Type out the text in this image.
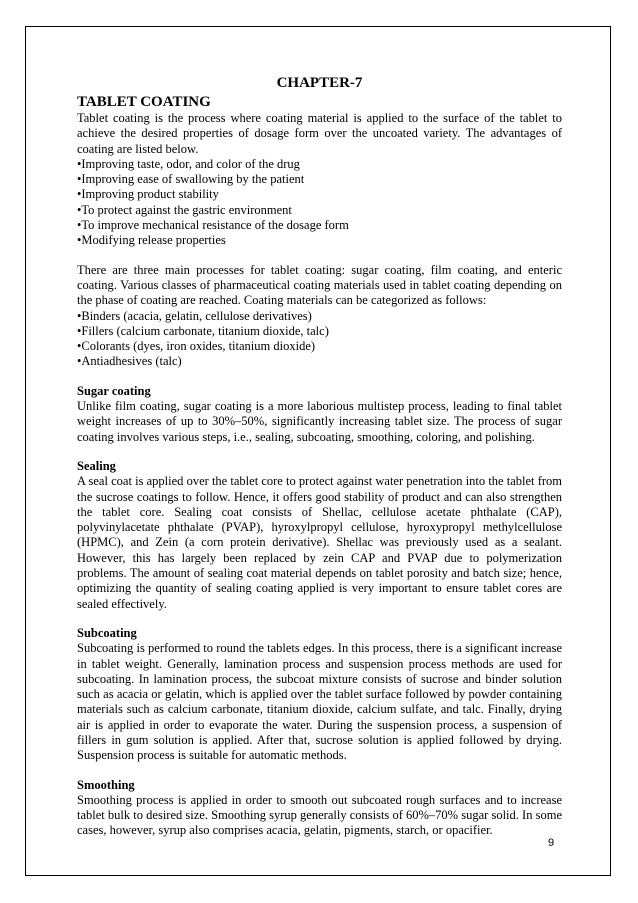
CHAPTER-7
TABLET COATING

Tablet coating is the process where coating material is applied to the surface of the tablet to achieve the desired properties of dosage form over the uncoated variety. The advantages of coating are listed below.

•Improving taste, odor, and color of the drug
•Improving ease of swallowing by the patient
•Improving product stability
•To protect against the gastric environment
•To improve mechanical resistance of the dosage form
•Modifying release properties

There are three main processes for tablet coating: sugar coating, film coating, and enteric coating. Various classes of pharmaceutical coating materials used in tablet coating depending on the phase of coating are reached. Coating materials can be categorized as follows:

•Binders (acacia, gelatin, cellulose derivatives)
•Fillers (calcium carbonate, titanium dioxide, talc)
•Colorants (dyes, iron oxides, titanium dioxide)
•Antiadhesives (talc)
Sugar coating

Unlike film coating, sugar coating is a more laborious multistep process, leading to final tablet weight increases of up to 30%–50%, significantly increasing tablet size. The process of sugar coating involves various steps, i.e., sealing, subcoating, smoothing, coloring, and polishing.

Sealing

A seal coat is applied over the tablet core to protect against water penetration into the tablet from the sucrose coatings to follow. Hence, it offers good stability of product and can also strengthen the tablet core. Sealing coat consists of Shellac, cellulose acetate phthalate (CAP), polyvinylacetate phthalate (PVAP), hyroxylpropyl cellulose, hyroxypropyl methylcellulose (HPMC), and Zein (a corn protein derivative). Shellac was previously used as a sealant. However, this has largely been replaced by zein CAP and PVAP due to polymerization problems. The amount of sealing coat material depends on tablet porosity and batch size; hence, optimizing the quantity of sealing coating applied is very important to ensure tablet cores are sealed effectively.

Subcoating

Subcoating is performed to round the tablets edges. In this process, there is a significant increase in tablet weight. Generally, lamination process and suspension process methods are used for subcoating. In lamination process, the subcoat mixture consists of sucrose and binder solution such as acacia or gelatin, which is applied over the tablet surface followed by powder containing materials such as calcium carbonate, titanium dioxide, calcium sulfate, and talc. Finally, drying air is applied in order to evaporate the water. During the suspension process, a suspension of fillers in gum solution is applied. After that, sucrose solution is applied followed by drying. Suspension process is suitable for automatic methods.

Smoothing

Smoothing process is applied in order to smooth out subcoated rough surfaces and to increase tablet bulk to desired size. Smoothing syrup generally consists of 60%–70% sugar solid. In some cases, however, syrup also comprises acacia, gelatin, pigments, starch, or opacifier.

9
